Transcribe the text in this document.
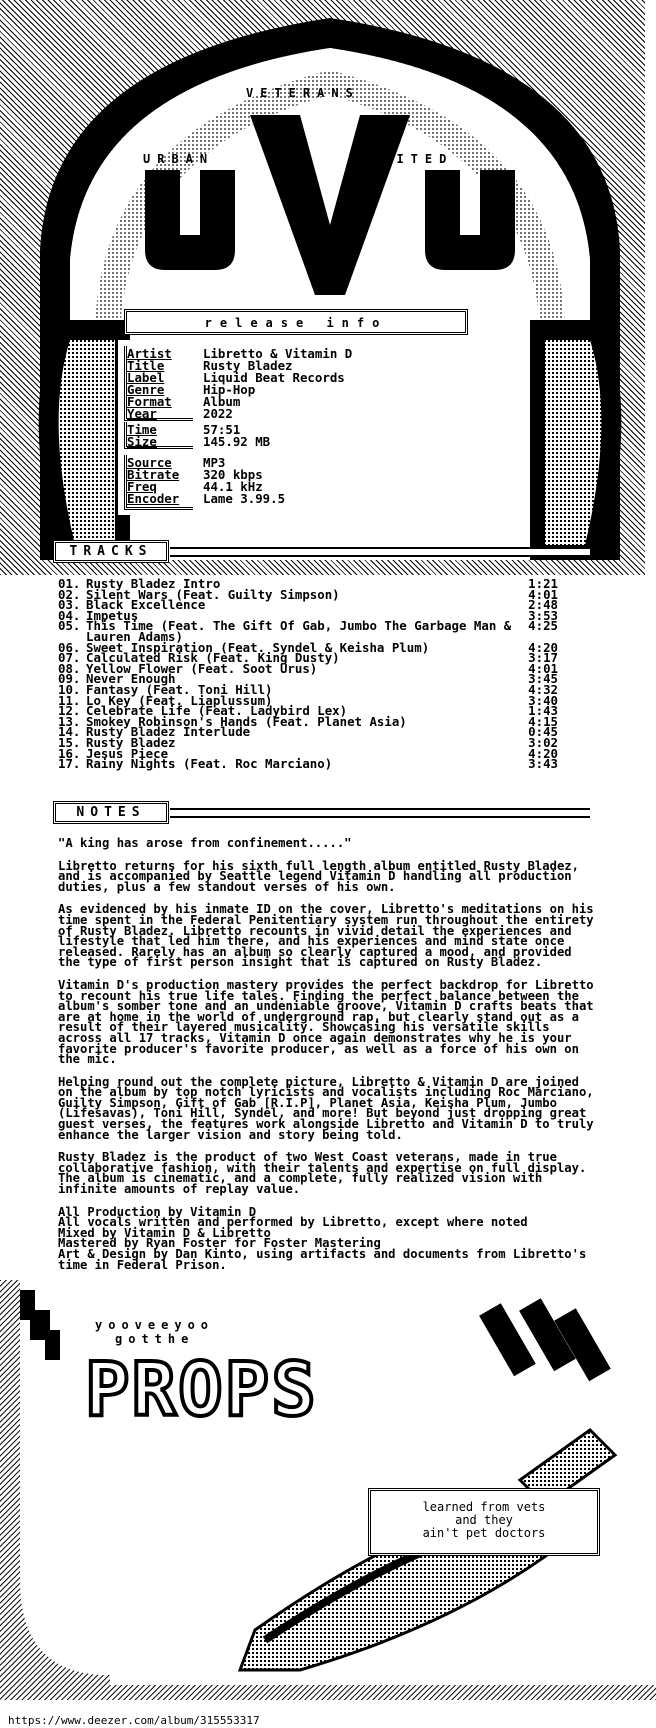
VETERANS
URBAN	UNITED
release info
Artist	Libretto & Vitamin D
Title	Rusty Bladez
Label	Liquid Beat Records
Genre	Hip-Hop
Format	Album
Year	2022
Time	57:51
Size	145.92 MB
Source	MP3
Bitrate	320 kbps
Freq	44.1 kHz
Encoder	Lame 3.99.5
TRACKS
01. Rusty Bladez Intro	1:21
02. Silent Wars (Feat. Guilty Simpson)	4:01
03. Black Excellence	2:48
04. Impetus	3:53
05. This Time (Feat. The Gift Of Gab, Jumbo The Garbage Man & 4:25
Lauren Adams)
06. Sweet Inspiration (Feat. Syndel & Keisha Plum)	4:20
07. Calculated Risk (Feat. King Dusty)	3:17
08. Yellow Flower (Feat. Soot Urus)	4:01
09. Never Enough	3:45
10. Fantasy (Feat. Toni Hill)	4:32
11. Lo Key (Feat. Liaplussum)	3:40
12. Celebrate Life (Feat. Ladybird Lex)	1:43
13. Smokey Robinson's Hands (Feat. Planet Asia)	4:15
14. Rusty Bladez Interlude	0:45
15. Rusty Bladez	3:02
16. Jesus Piece	4:20
17. Rainy Nights (Feat. Roc Marciano)	3:43
NOTES

"A king has arose from confinement....."

Libretto returns for his sixth full length album entitled Rusty Bladez, and is accompanied by Seattle legend Vitamin D handling all production duties, plus a few standout verses of his own.

As evidenced by his inmate ID on the cover, Libretto's meditations on his time spent in the Federal Penitentiary system run throughout the entirety of Rusty Bladez. Libretto recounts in vivid detail the experiences and lifestyle that led him there, and his experiences and mind state once released. Rarely has an album so clearly captured a mood, and provided the type of first person insight that is captured on Rusty Bladez.

Vitamin D's production mastery provides the perfect backdrop for Libretto to recount his true life tales. Finding the perfect balance between the album's somber tone and an undeniable groove, Vitamin D crafts beats that are at home in the world of underground rap, but clearly stand out as a result of their layered musicality. Showcasing his versatile skills across all 17 tracks, Vitamin D once again demonstrates why he is your favorite producer's favorite producer, as well as a force of his own on the mic.

Helping round out the complete picture, Libretto & Vitamin D are joined on the album by top notch lyricists and vocalists including Roc Marciano, Guilty Simpson, Gift of Gab [R.I.P], Planet Asia, Keisha Plum, Jumbo (Lifesavas), Toni Hill, Syndel, and more! But beyond just dropping great guest verses, the features work alongside Libretto and Vitamin D to truly enhance the larger vision and story being told.

Rusty Bladez is the product of two West Coast veterans, made in true collaborative fashion, with their talents and expertise on full display. The album is cinematic, and a complete, fully realized vision with infinite amounts of replay value.

All Production by Vitamin D
All vocals written and performed by Libretto, except where noted
Mixed by Vitamin D & Libretto
Mastered by Ryan Foster for Foster Mastering
Art & Design by Dan Kinto, using artifacts and documents from Libretto's time in Federal Prison.
yooveeyoo
gotthe
PROPS
learned from vets
and they
ain't pet doctors
https://www.deezer.com/album/315553317
